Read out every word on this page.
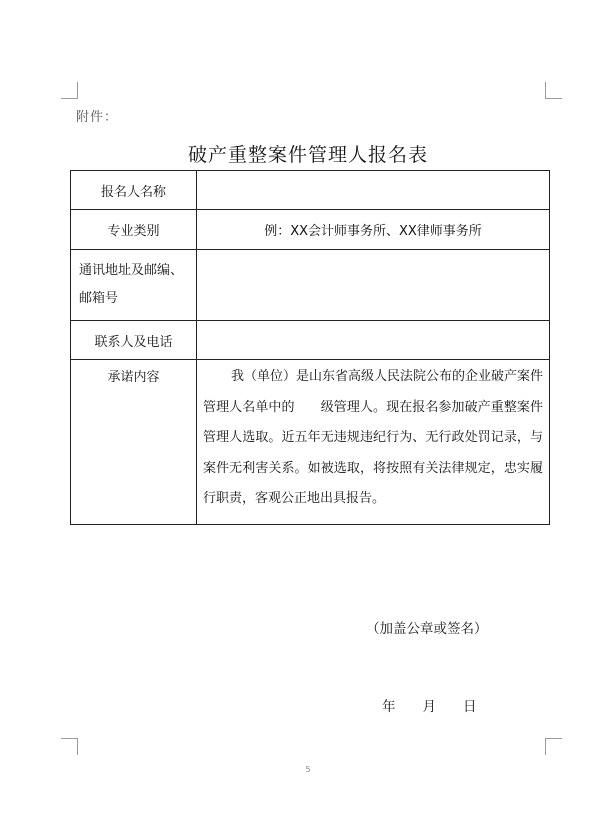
附件：
破产重整案件管理人报名表
报名人名称	
专业类别	例：XX会计师事务所、XX律师事务所

通讯地址及邮编、
邮箱号	

联系人及电话	
承诺内容	我（单位）是山东省高级人民法院公布的企业破产案件管理人名单中的　　级管理人。现在报名参加破产重整案件管理人选取。近五年无违规违纪行为、无行政处罚记录，与案件无利害关系。如被选取，将按照有关法律规定，忠实履行职责，客观公正地出具报告。
（加盖公章或签名）
年 月 日
5
